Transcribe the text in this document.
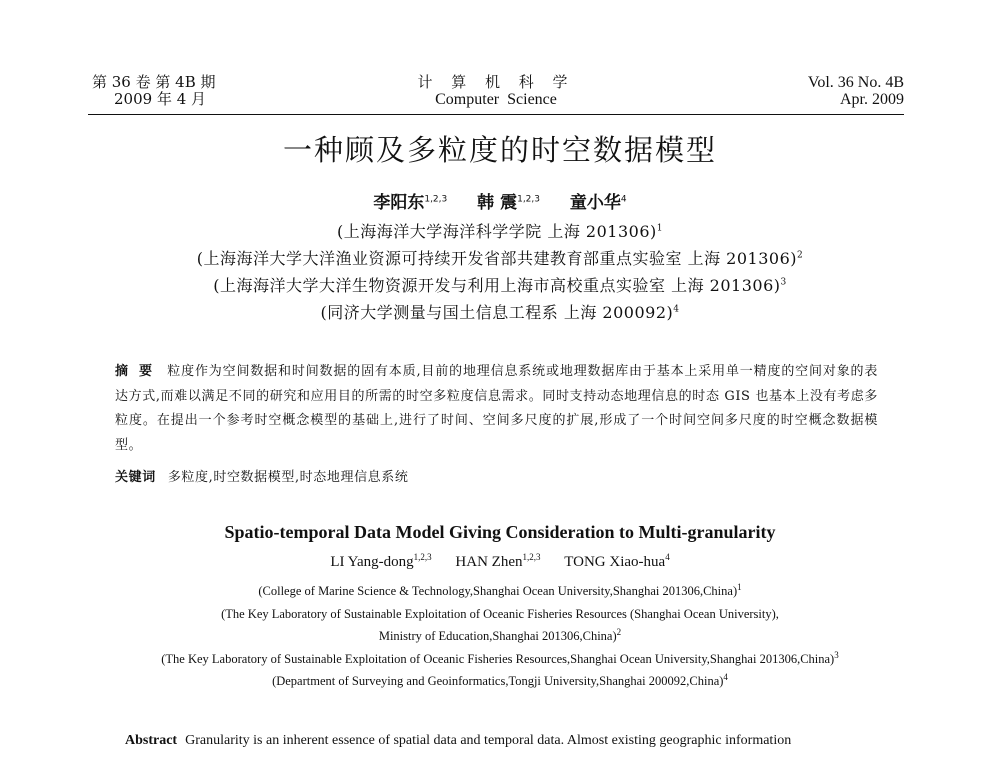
第 36 卷 第 4B 期
2009 年 4 月
计 算 机 科 学
Computer Science
Vol. 36 No. 4B
Apr. 2009
一种顾及多粒度的时空数据模型
李阳东$^{1,2,3}$ 韩 震$^{1,2,3}$ 童小华$^4$
(上海海洋大学海洋科学学院 上海 201306)$^1$
(上海海洋大学大洋渔业资源可持续开发省部共建教育部重点实验室 上海 201306)$^2$
(上海海洋大学大洋生物资源开发与利用上海市高校重点实验室 上海 201306)$^3$
(同济大学测量与国土信息工程系 上海 200092)$^4$
摘 要 粒度作为空间数据和时间数据的固有本质,目前的地理信息系统或地理数据库由于基本上采用单一精度的空间对象的表达方式,而难以满足不同的研究和应用目的所需的时空多粒度信息需求。同时支持动态地理信息的时态 GIS 也基本上没有考虑多粒度。在提出一个参考时空概念模型的基础上,进行了时间、空间多尺度的扩展,形成了一个时间空间多尺度的时空概念数据模型。
关键词 多粒度,时空数据模型,时态地理信息系统
Spatio-temporal Data Model Giving Consideration to Multi-granularity
LI Yang-dong$^{1,2,3}$ HAN Zhen$^{1,2,3}$ TONG Xiao-hua$^4$
(College of Marine Science & Technology,Shanghai Ocean University,Shanghai 201306,China)$^1$
(The Key Laboratory of Sustainable Exploitation of Oceanic Fisheries Resources (Shanghai Ocean University),
Ministry of Education,Shanghai 201306,China)$^2$
(The Key Laboratory of Sustainable Exploitation of Oceanic Fisheries Resources,Shanghai Ocean University,Shanghai 201306,China)$^3$
(Department of Surveying and Geoinformatics,Tongji University,Shanghai 200092,China)$^4$
Abstract Granularity is an inherent essence of spatial data and temporal data. Almost existing geographic information
